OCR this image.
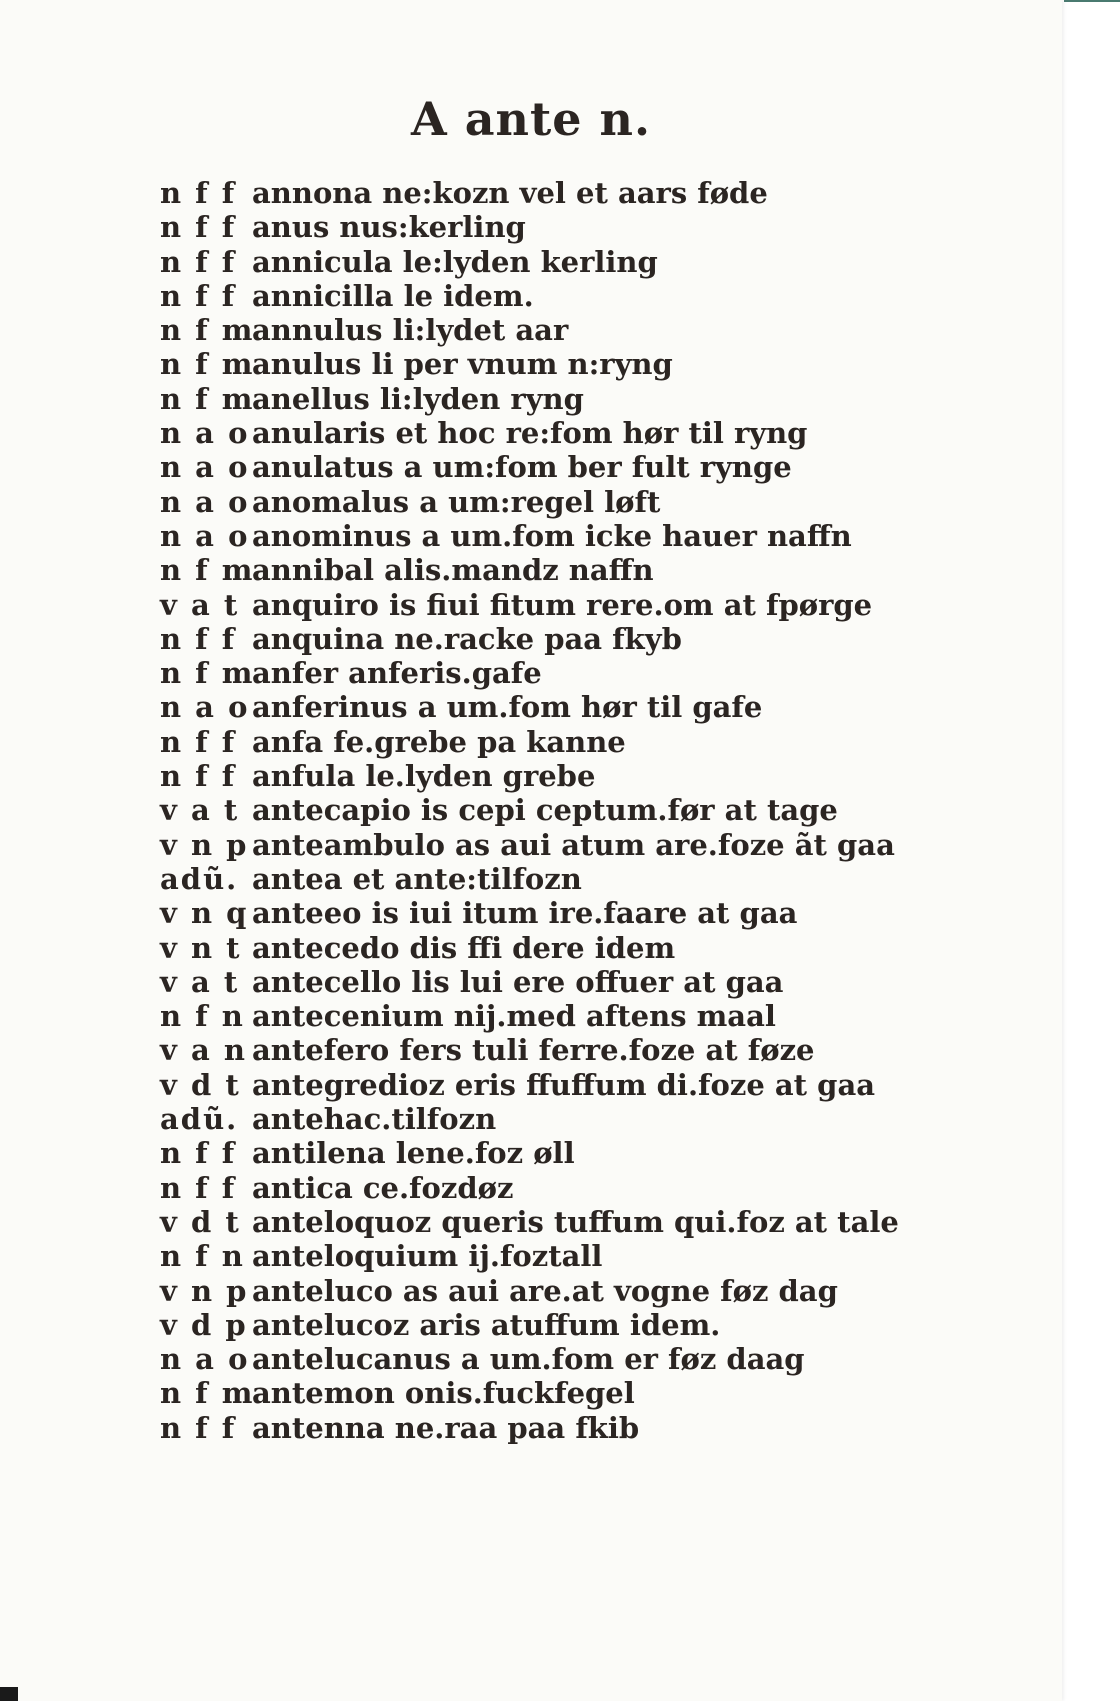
A ante n.
n f f annona ne:kozn vel et aars føde
n f f anus nus:kerling
n f f annicula le:lyden kerling
n f f annicilla le idem.
n f m
annulus li:lydet aar
n f m
anulus li per vnum n:ryng
n f m
anellus li:lyden ryng
n a o anularis et hoc re:fom hør til ryng
n a o anulatus a um:fom ber fult rynge
n a o anomalus a um:regel løft
n a o anominus a um.fom icke hauer naffn
n f m
annibal alis.mandz naffn
v a t anquiro is fiui fitum rere.om at fpørge
n f f anquina ne.racke paa fkyb
n f m
anfer anferis.gafe
n a o anferinus a um.fom hør til gafe
n f f anfa fe.grebe pa kanne
n f f anfula le.lyden grebe
v a t antecapio is cepi ceptum.før at tage
v n p anteambulo as aui atum are.foze ãt gaa
adũ. antea et ante:tilfozn
v n q anteeo is iui itum ire.faare at gaa
v n t antecedo dis ffi dere idem
v a t antecello lis lui ere offuer at gaa
n f n antecenium nij.med aftens maal
v a n antefero fers tuli ferre.foze at føze
v d t antegredioz eris ffuffum di.foze at gaa
adũ. antehac.tilfozn
n f f antilena lene.foz øll
n f f antica ce.fozdøz
v d t anteloquoz queris tuffum qui.foz at tale
n f n anteloquium ij.foztall
v n p anteluco as aui are.at vogne føz dag
v d p antelucoz aris atuffum idem.
n a o antelucanus a um.fom er føz daag
n f m
antemon onis.fuckfegel
n f f antenna ne.raa paa fkib
